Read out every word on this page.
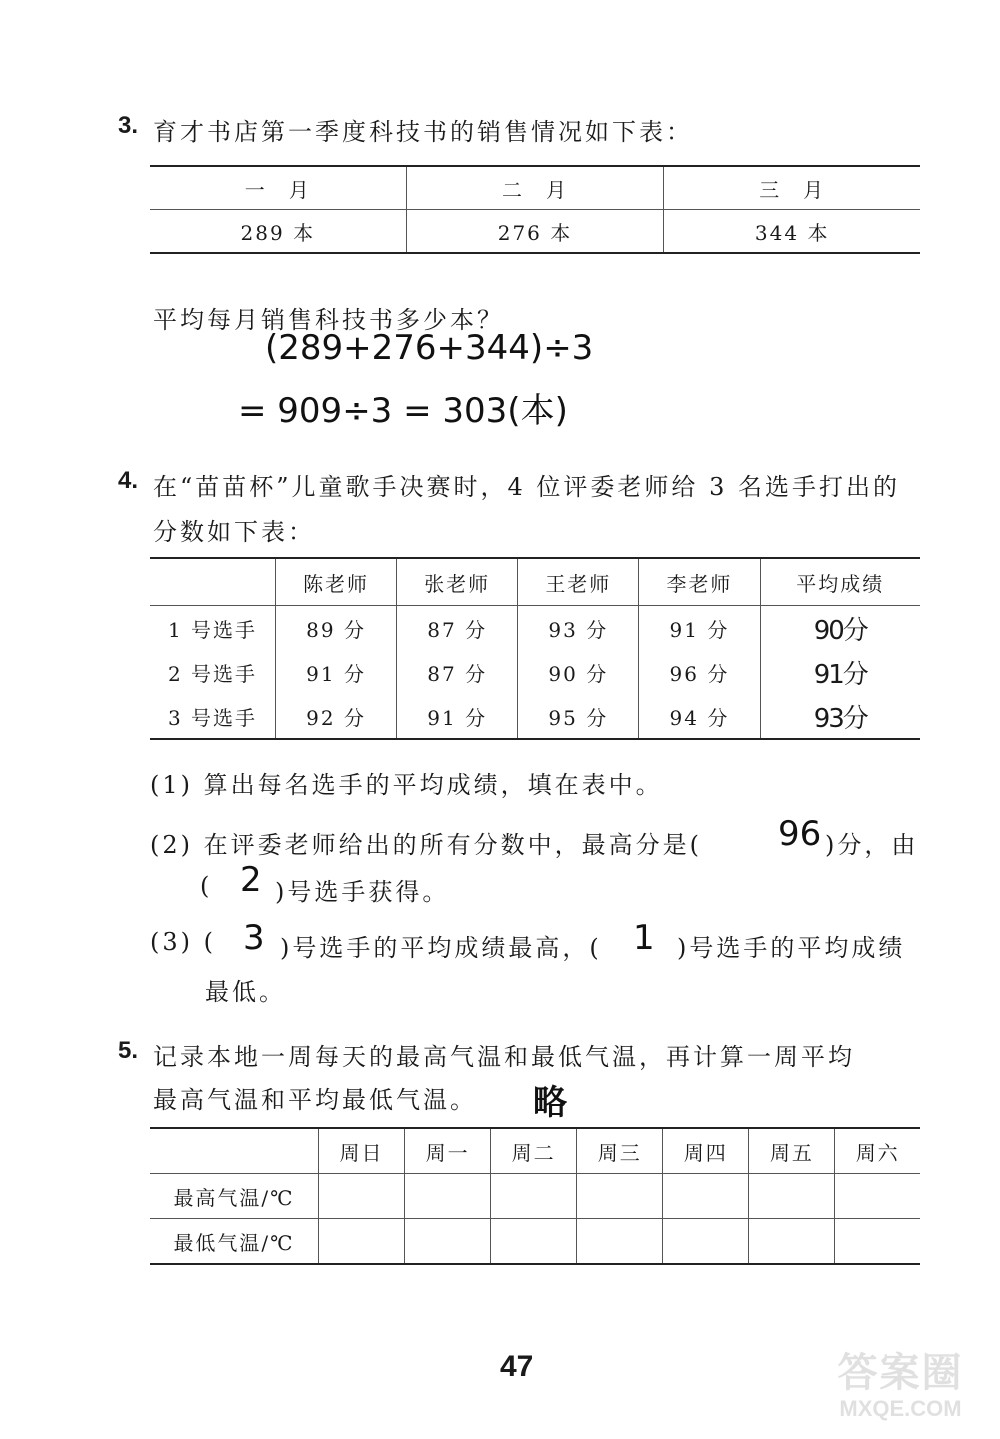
3. 育才书店第一季度科技书的销售情况如下表：
一　月	二　月	三　月
289 本	276 本	344 本
平均每月销售科技书多少本？
(289+276+344)÷3
= 909÷3 = 303(本)
4. 在“苗苗杯”儿童歌手决赛时，4 位评委老师给 3 名选手打出的
分数如下表：
	陈老师	张老师	王老师	李老师	平均成绩
1 号选手	89 分	87 分	93 分	91 分	90分
2 号选手	91 分	87 分	90 分	96 分	91分
3 号选手	92 分	91 分	95 分	94 分	93分
(1) 算出每名选手的平均成绩，填在表中。
(2) 在评委老师给出的所有分数中，最高分是( 96 )分，由
( 2 )号选手获得。
(3) ( 3 )号选手的平均成绩最高，( 1 )号选手的平均成绩
最低。
5. 记录本地一周每天的最高气温和最低气温，再计算一周平均
最高气温和平均最低气温。 略
	周日	周一	周二	周三	周四	周五	周六
最高气温/℃							
最低气温/℃							
47	答案圈
MXQE.COM
